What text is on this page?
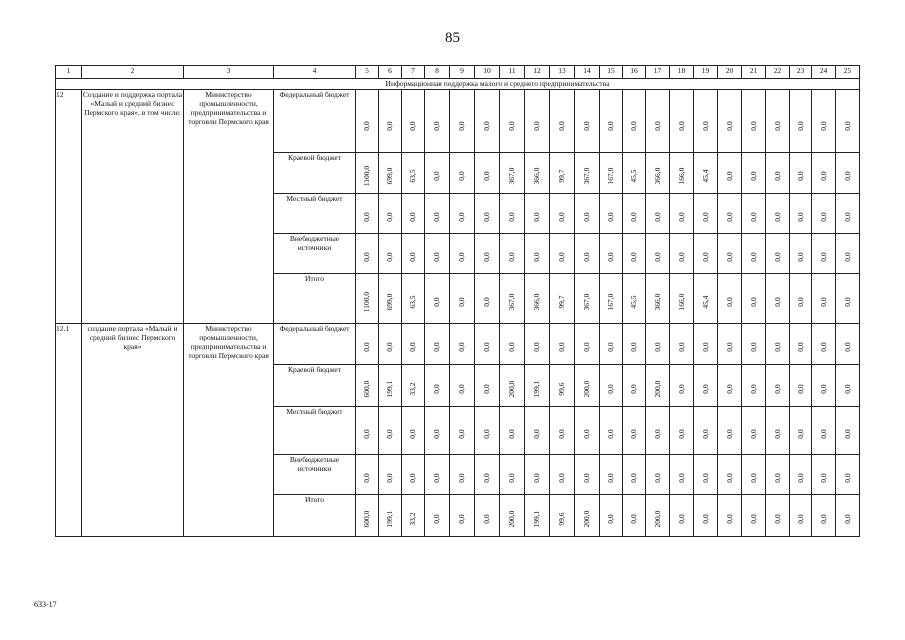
85
1	2	3	4	5	6	7	8	9	10	11	12	13	14	15	16	17	18	19	20	21	22	23	24	25
Информационная поддержка малого и среднего предпринимательства																								
12	Создание и поддержка портала «Малый и средний бизнес Пермского края», в том числе:	Министерство промышленности, предпринимательства и торговли Пермского края	Федеральный бюджет	0,0	0,0	0,0	0,0	0,0	0,0	0,0	0,0	0,0	0,0	0,0	0,0	0,0	0,0	0,0	0,0	0,0	0,0	0,0	0,0	0,0

			Краевой бюджет	1100,0	699,0	63,5	0,0	0,0	0,0	367,0	366,0	99,7	367,0	167,0	45,5	366,0	166,0	45,4	0,0	0,0	0,0	0,0	0,0	0,0

			Местный бюджет	0,0	0,0	0,0	0,0	0,0	0,0	0,0	0,0	0,0	0,0	0,0	0,0	0,0	0,0	0,0	0,0	0,0	0,0	0,0	0,0	0,0

			Внебюджетные источники	0,0	0,0	0,0	0,0	0,0	0,0	0,0	0,0	0,0	0,0	0,0	0,0	0,0	0,0	0,0	0,0	0,0	0,0	0,0	0,0	0,0

			Итого	1100,0	699,0	63,5	0,0	0,0	0,0	367,0	366,0	99,7	367,0	167,0	45,5	366,0	166,0	45,4	0,0	0,0	0,0	0,0	0,0	0,0

12.1	создание портала «Малый и средний бизнес Пермского края»	Министерство промышленности, предпринимательства и торговли Пермского края	Федеральный бюджет	0,0	0,0	0,0	0,0	0,0	0,0	0,0	0,0	0,0	0,0	0,0	0,0	0,0	0,0	0,0	0,0	0,0	0,0	0,0	0,0	0,0

			Краевой бюджет	600,0	199,1	33,2	0,0	0,0	0,0	200,0	199,1	99,6	200,0	0,0	0,0	200,0	0,0	0,0	0,0	0,0	0,0	0,0	0,0	0,0

			Местный бюджет	0,0	0,0	0,0	0,0	0,0	0,0	0,0	0,0	0,0	0,0	0,0	0,0	0,0	0,0	0,0	0,0	0,0	0,0	0,0	0,0	0,0

			Внебюджетные источники	0,0	0,0	0,0	0,0	0,0	0,0	0,0	0,0	0,0	0,0	0,0	0,0	0,0	0,0	0,0	0,0	0,0	0,0	0,0	0,0	0,0

			Итого	600,0	199,1	33,2	0,0	0,0	0,0	200,0	199,1	99,6	200,0	0,0	0,0	200,0	0,0	0,0	0,0	0,0	0,0	0,0	0,0	0,0
633-17
